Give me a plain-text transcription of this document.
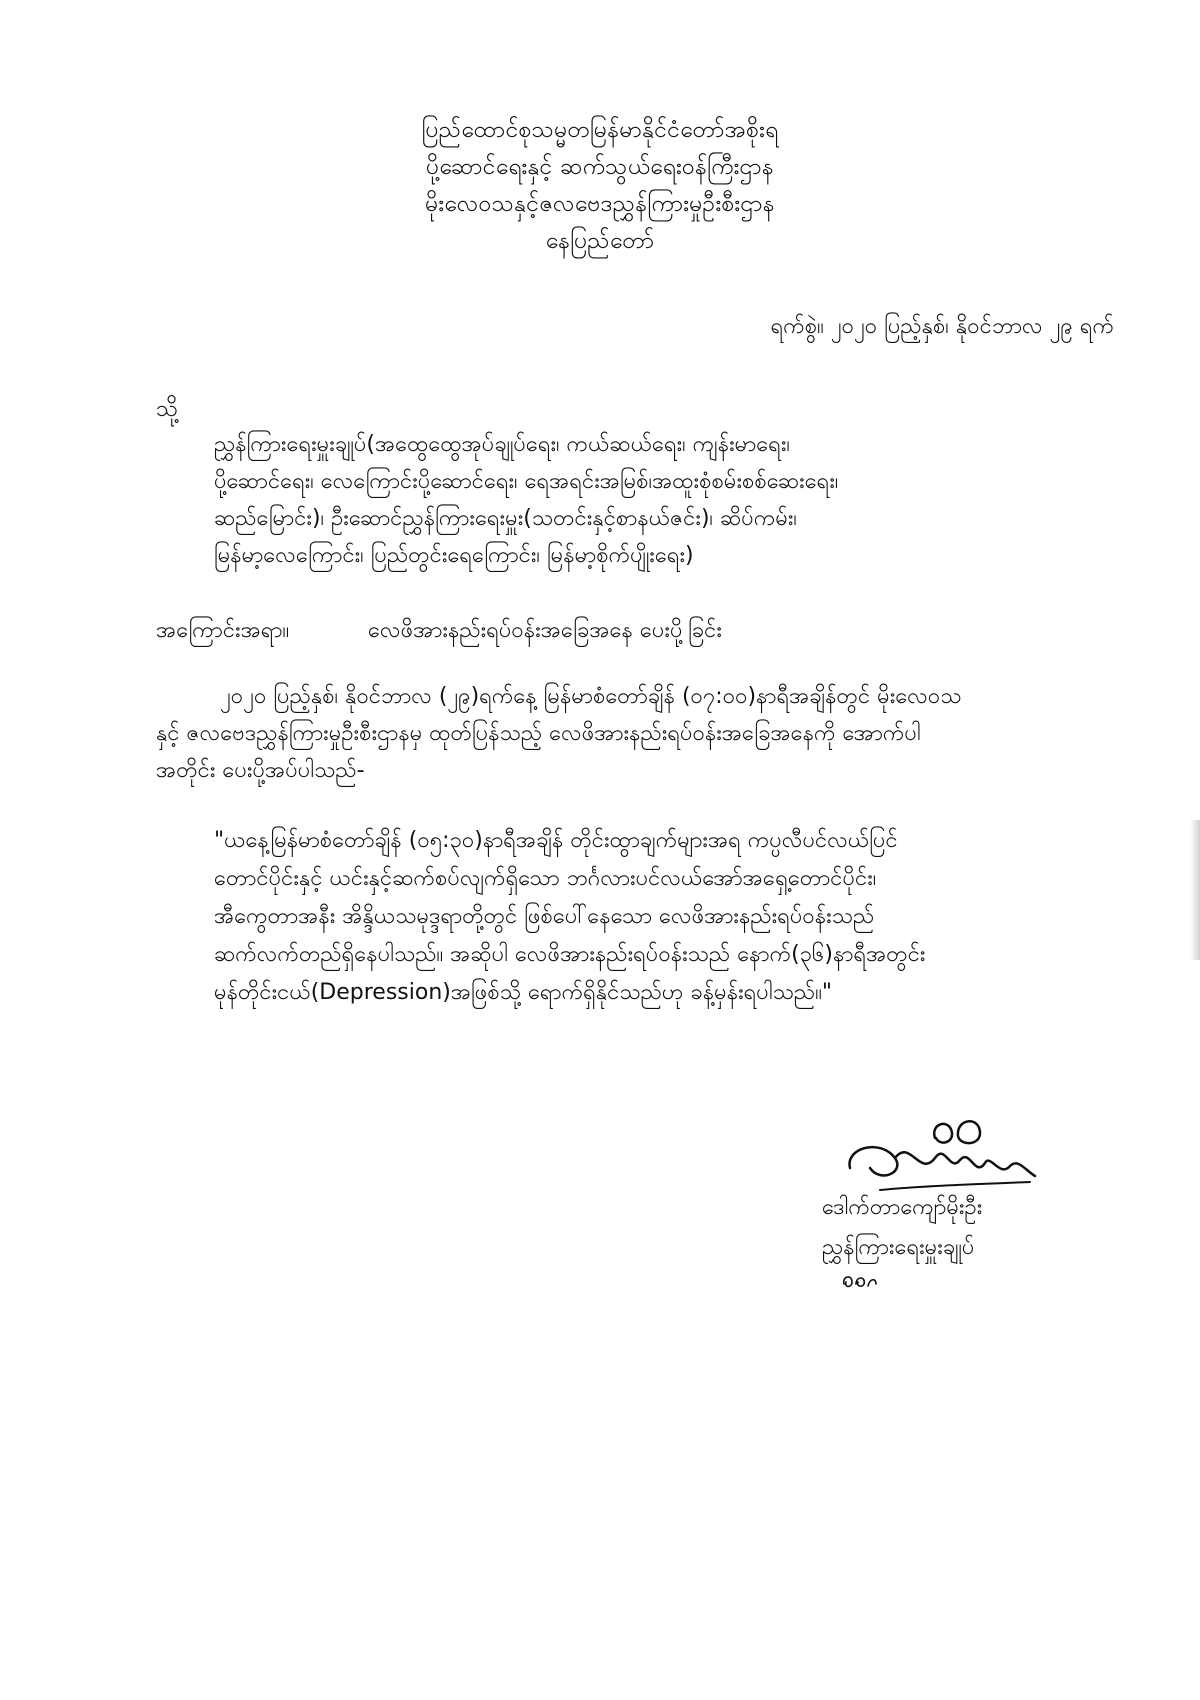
ပြည်ထောင်စုသမ္မတမြန်မာနိုင်ငံတော်အစိုးရ
ပို့ဆောင်ရေးနှင့် ဆက်သွယ်ရေးဝန်ကြီးဌာန
မိုးလေဝသနှင့်ဇလဗေဒညွှန်ကြားမှုဦးစီးဌာန
နေပြည်တော်
ရက်စွဲ။ ၂၀၂၀ ပြည့်နှစ်၊ နိုဝင်ဘာလ ၂၉ ရက်
သို့
ညွှန်ကြားရေးမှူးချုပ်(အထွေထွေအုပ်ချုပ်ရေး၊ ကယ်ဆယ်ရေး၊ ကျန်းမာရေး၊
ပို့ဆောင်ရေး၊ လေကြောင်းပို့ဆောင်ရေး၊ ရေအရင်းအမြစ်၊အထူးစုံစမ်းစစ်ဆေးရေး၊
ဆည်မြောင်း)၊ ဦးဆောင်ညွှန်ကြားရေးမှူး(သတင်းနှင့်စာနယ်ဇင်း)၊ ဆိပ်ကမ်း၊
မြန်မာ့လေကြောင်း၊ ပြည်တွင်းရေကြောင်း၊ မြန်မာ့စိုက်ပျိုးရေး)
အကြောင်းအရာ။	လေဖိအားနည်းရပ်ဝန်းအခြေအနေ ပေးပို့ခြင်း
၂၀၂၀ ပြည့်နှစ်၊ နိုဝင်ဘာလ (၂၉)ရက်နေ့ မြန်မာစံတော်ချိန် (၀၇:၀၀)နာရီအချိန်တွင် မိုးလေဝသ
နှင့် ဇလဗေဒညွှန်ကြားမှုဦးစီးဌာနမှ ထုတ်ပြန်သည့် လေဖိအားနည်းရပ်ဝန်းအခြေအနေကို အောက်ပါ
အတိုင်း ပေးပို့အပ်ပါသည်-
"ယနေ့မြန်မာစံတော်ချိန် (၀၅:၃၀)နာရီအချိန် တိုင်းထွာချက်များအရ ကပ္ပလီပင်လယ်ပြင်
တောင်ပိုင်းနှင့် ယင်းနှင့်ဆက်စပ်လျက်ရှိသော ဘင်္ဂလားပင်လယ်အော်အရှေ့တောင်ပိုင်း၊
အီကွေတာအနီး အိန္ဒိယသမုဒ္ဒရာတို့တွင် ဖြစ်ပေါ်နေသော လေဖိအားနည်းရပ်ဝန်းသည်
ဆက်လက်တည်ရှိနေပါသည်။ အဆိုပါ လေဖိအားနည်းရပ်ဝန်းသည် နောက်(၃၆)နာရီအတွင်း
မုန်တိုင်းငယ်(Depression)အဖြစ်သို့ ရောက်ရှိနိုင်သည်ဟု ခန့်မှန်းရပါသည်။"
ဒေါက်တာကျော်မိုးဦး
ညွှန်ကြားရေးမှူးချုပ်
